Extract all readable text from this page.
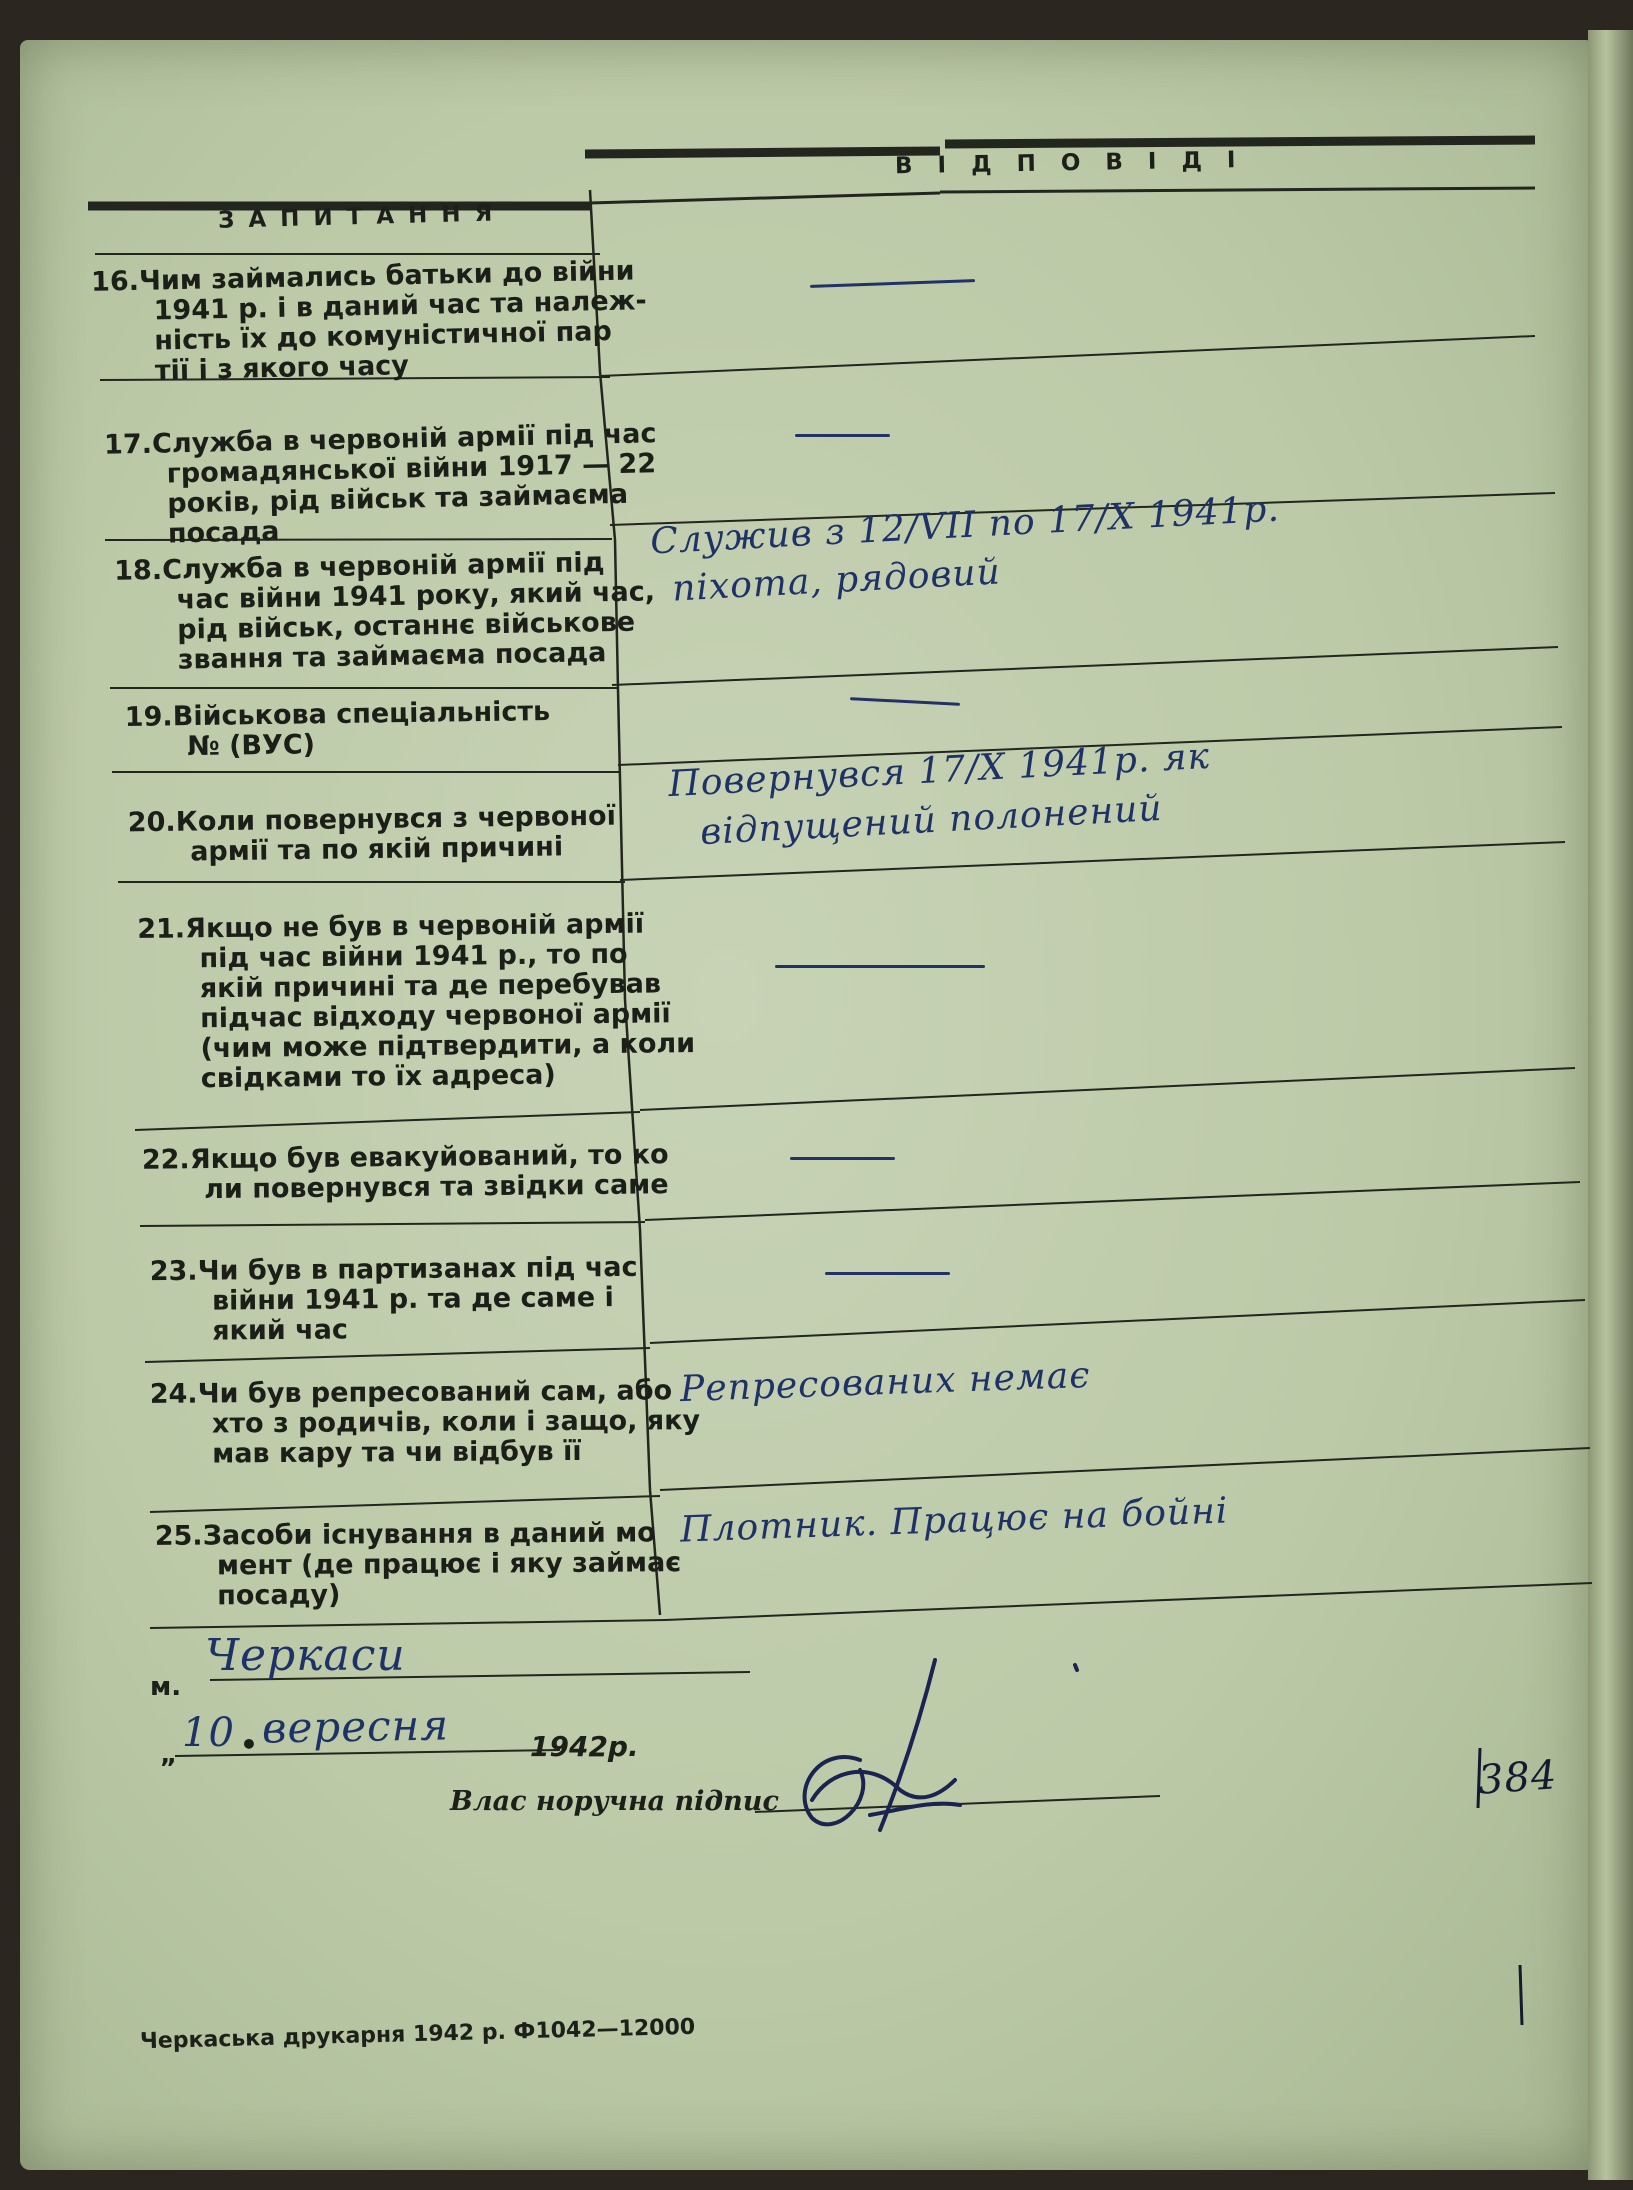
ЗАПИТАННЯ
ВІДПОВІДІ
16.Чим займались батьки до війни
1941 р. і в даний час та належ-
ність їх до комуністичної пар
тії і з якого часу
17.Служба в червоній армії під час
громадянської війни 1917 — 22
років, рід військ та займаєма
посада
18.Служба в червоній армії під
час війни 1941 року, який час,
рід військ, останнє військове
звання та займаєма посада
19.Військова спеціальність
№ (ВУС)
20.Коли повернувся з червоної
армії та по якій причині
21.Якщо не був в червоній армії
під час війни 1941 р., то по
якій причині та де перебував
підчас відходу червоної армії
(чим може підтвердити, а коли
свідками то їх адреса)
22.Якщо був евакуйований, то ко
ли повернувся та звідки саме
23.Чи був в партизанах під час
війни 1941 р. та де саме і
який час
24.Чи був репресований сам, або
хто з родичів, коли і защо, яку
мав кару та чи відбув її
25.Засоби існування в даний мо
мент (де працює і яку займає
посаду)
Служив з 12/VII по 17/X 1941р.
піхота, рядовий
Повернувся 17/X 1941р. як
відпущений полонений
Репресованих немає
Плотник. Працює на бойні
м.
Черкаси
„ 10 • вересня	1942р.
Влас норучна підпис	384
Черкаська друкарня 1942 р. Ф1042—12000
